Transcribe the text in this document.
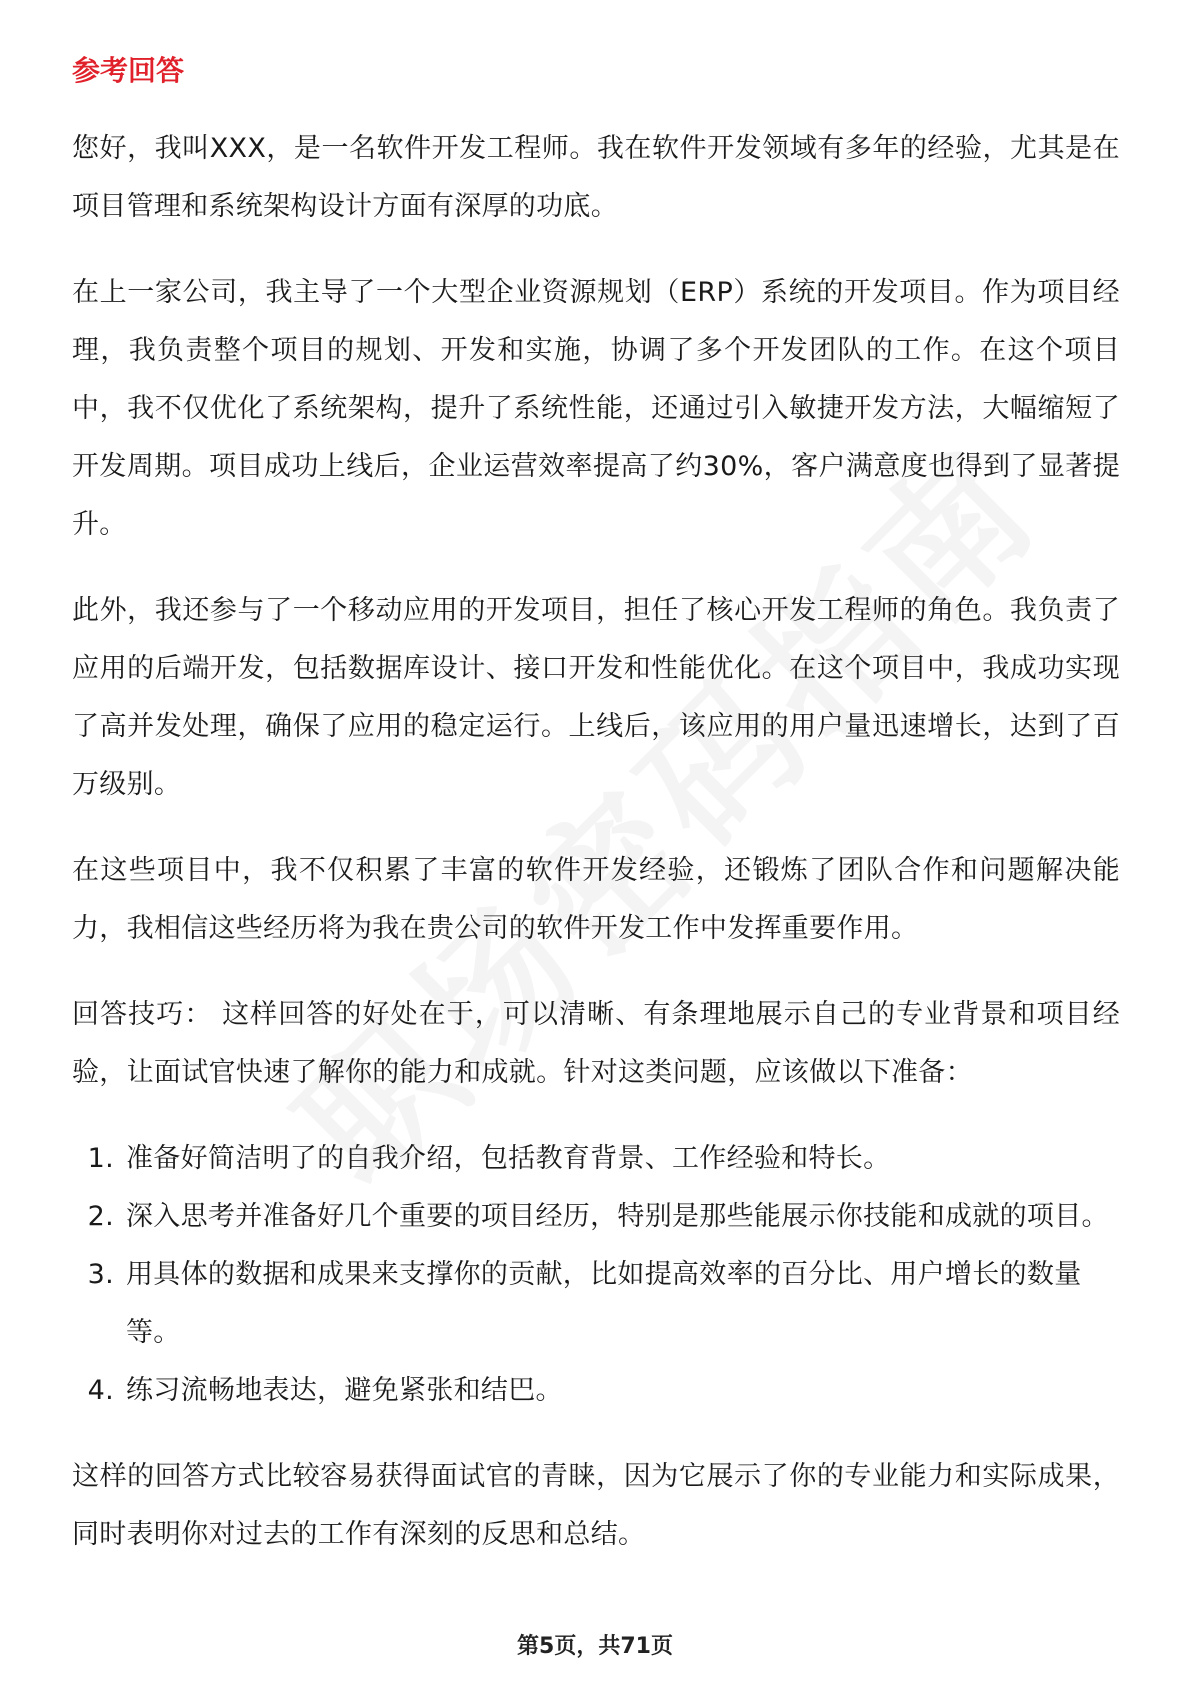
参考回答

您好，我叫XXX，是一名软件开发工程师。我在软件开发领域有多年的经验，尤其是在项目管理和系统架构设计方面有深厚的功底。

在上一家公司，我主导了一个大型企业资源规划（ERP）系统的开发项目。作为项目经理，我负责整个项目的规划、开发和实施，协调了多个开发团队的工作。在这个项目中，我不仅优化了系统架构，提升了系统性能，还通过引入敏捷开发方法，大幅缩短了开发周期。项目成功上线后，企业运营效率提高了约30%，客户满意度也得到了显著提升。

此外，我还参与了一个移动应用的开发项目，担任了核心开发工程师的角色。我负责了应用的后端开发，包括数据库设计、接口开发和性能优化。在这个项目中，我成功实现了高并发处理，确保了应用的稳定运行。上线后，该应用的用户量迅速增长，达到了百万级别。

在这些项目中，我不仅积累了丰富的软件开发经验，还锻炼了团队合作和问题解决能力，我相信这些经历将为我在贵公司的软件开发工作中发挥重要作用。

回答技巧： 这样回答的好处在于，可以清晰、有条理地展示自己的专业背景和项目经验，让面试官快速了解你的能力和成就。针对这类问题，应该做以下准备：

1. 准备好简洁明了的自我介绍，包括教育背景、工作经验和特长。
2. 深入思考并准备好几个重要的项目经历，特别是那些能展示你技能和成就的项目。
3. 用具体的数据和成果来支撑你的贡献，比如提高效率的百分比、用户增长的数量等。
4. 练习流畅地表达，避免紧张和结巴。

这样的回答方式比较容易获得面试官的青睐，因为它展示了你的专业能力和实际成果，同时表明你对过去的工作有深刻的反思和总结。

第5页，共71页
